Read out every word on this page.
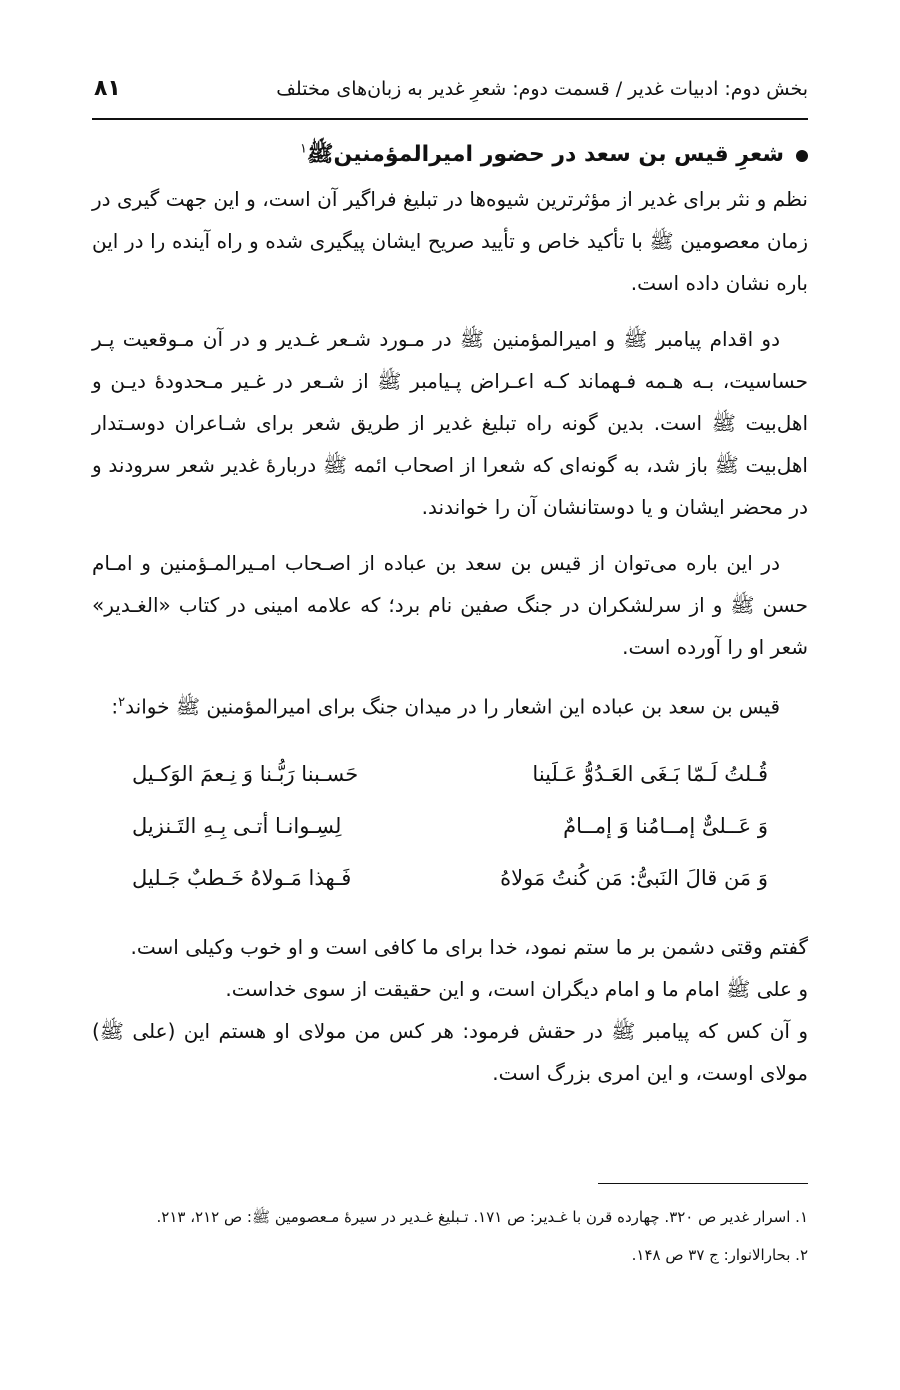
بخش دوم: ادبیات غدیر / قسمت دوم: شعرِ غدیر به زبان‌های مختلف
۸۱
شعرِ قیس بن سعد در حضور امیرالمؤمنینﷺ$^۱$

نظم و نثر برای غدیر از مؤثرترین شیوه‌ها در تبلیغ فراگیر آن است، و این جهت گیری در زمان معصومین ﷺ با تأکید خاص و تأیید صریح ایشان پیگیری شده و راه آینده را در این باره نشان داده است.

دو اقدام پیامبر ﷺ و امیرالمؤمنین ﷺ در مـورد شـعر غـدیر و در آن مـوقعیت پـر حساسیت، بـه هـمه فـهماند کـه اعـراض پـیامبر ﷺ از شـعر در غـیر مـحدودهٔ دیـن و اهل‌بیت ﷺ است. بدین گونه راه تبلیغ غدیر از طریق شعر برای شـاعران دوسـتدار اهل‌بیت ﷺ باز شد، به گونه‌ای که شعرا از اصحاب ائمه ﷺ دربارهٔ غدیر شعر سرودند و در محضر ایشان و یا دوستانشان آن را خواندند.

در این باره می‌توان از قیس بن سعد بن عباده از اصـحاب امـیرالمـؤمنین و امـام حسن ﷺ و از سرلشکران در جنگ صفین نام برد؛ که علامه امینی در کتاب «الغـدیر» شعر او را آورده است.

قیس بن سعد بن عباده این اشعار را در میدان جنگ برای امیرالمؤمنین ﷺ خواند$^۲$:

قُـلتُ لَـمّا بَـغَی العَـدُوُّ عَـلَینا
حَسـبنا رَبُّـنا وَ نِـعمَ الوَکـیل
وَ عَــلیٌّ إمــامُنا وَ إمــامٌ
لِسِـوانـا أتـی بِـهِ التَـنزیل
وَ مَن قالَ النَبیُّ: مَن کُنتُ مَولاهُ
فَـهذا مَـولاهُ خَـطبٌ جَـلیل

گفتم وقتی دشمن بر ما ستم نمود، خدا برای ما کافی است و او خوب وکیلی است.

و علی ﷺ امام ما و امام دیگران است، و این حقیقت از سوی خداست.

و آن کس که پیامبر ﷺ در حقش فرمود: هر کس من مولای او هستم این (علی ﷺ) مولای اوست، و این امری بزرگ است.

۱. اسرار غدیر ص ۳۲۰. چهارده قرن با غـدیر: ص ۱۷۱. تـبلیغ غـدیر در سیرهٔ مـعصومین ﷺ: ص ۲۱۲، ۲۱۳.

۲. بحارالانوار: ج ۳۷ ص ۱۴۸.
